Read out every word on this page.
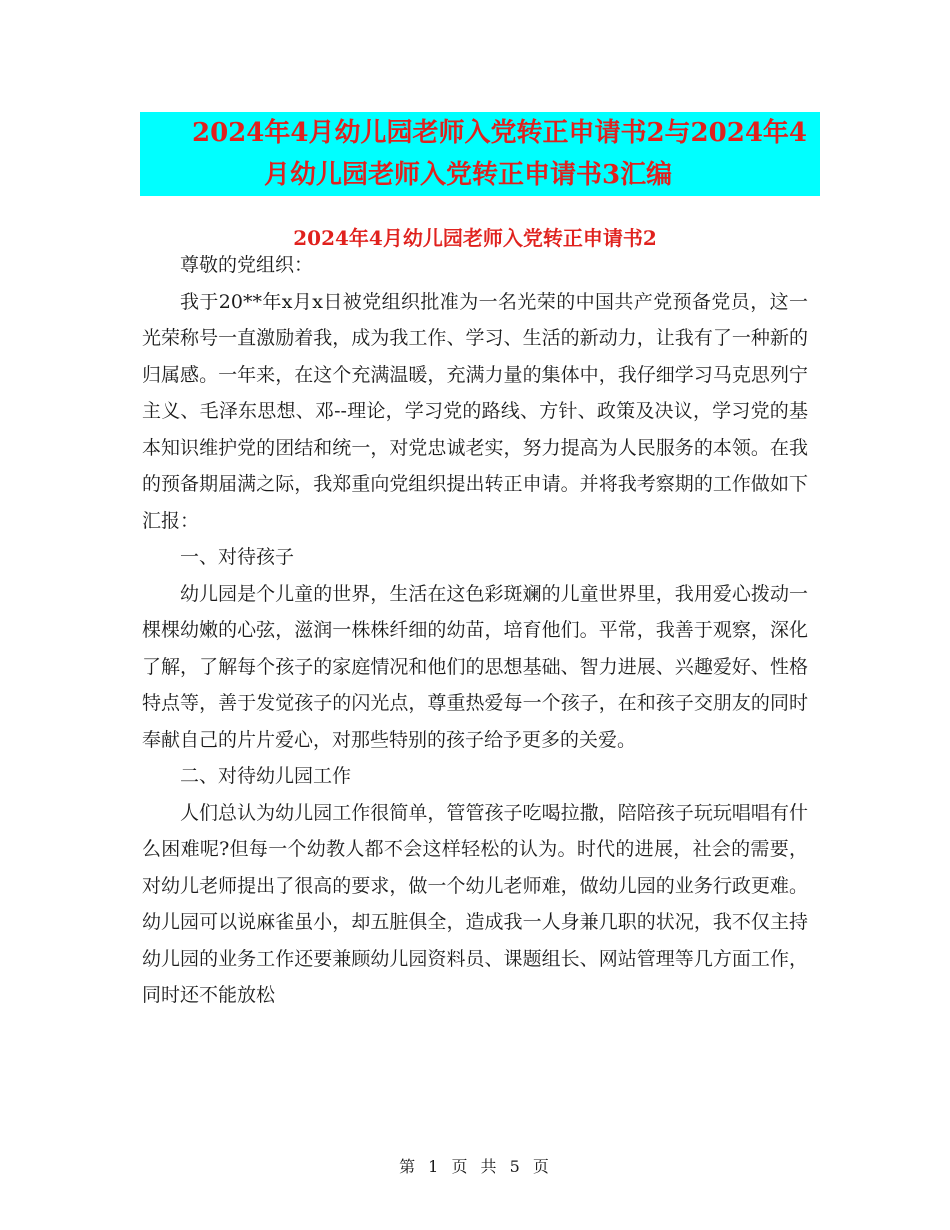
2024年4月幼儿园老师入党转正申请书2与2024年4
月幼儿园老师入党转正申请书3汇编
2024年4月幼儿园老师入党转正申请书2

尊敬的党组织：

我于20**年x月x日被党组织批准为一名光荣的中国共产党预备党员，这一光荣称号一直激励着我，成为我工作、学习、生活的新动力，让我有了一种新的归属感。一年来，在这个充满温暖，充满力量的集体中，我仔细学习马克思列宁主义、毛泽东思想、邓--理论，学习党的路线、方针、政策及决议，学习党的基本知识维护党的团结和统一，对党忠诚老实，努力提高为人民服务的本领。在我的预备期届满之际，我郑重向党组织提出转正申请。并将我考察期的工作做如下汇报：

一、对待孩子

幼儿园是个儿童的世界，生活在这色彩斑斓的儿童世界里，我用爱心拨动一棵棵幼嫩的心弦，滋润一株株纤细的幼苗，培育他们。平常，我善于观察，深化了解，了解每个孩子的家庭情况和他们的思想基础、智力进展、兴趣爱好、性格特点等，善于发觉孩子的闪光点，尊重热爱每一个孩子，在和孩子交朋友的同时奉献自己的片片爱心，对那些特别的孩子给予更多的关爱。

二、对待幼儿园工作

人们总认为幼儿园工作很简单，管管孩子吃喝拉撒，陪陪孩子玩玩唱唱有什么困难呢?但每一个幼教人都不会这样轻松的认为。时代的进展，社会的需要，对幼儿老师提出了很高的要求，做一个幼儿老师难，做幼儿园的业务行政更难。幼儿园可以说麻雀虽小，却五脏俱全，造成我一人身兼几职的状况，我不仅主持幼儿园的业务工作还要兼顾幼儿园资料员、课题组长、网站管理等几方面工作，同时还不能放松

第 1 页 共 5 页
